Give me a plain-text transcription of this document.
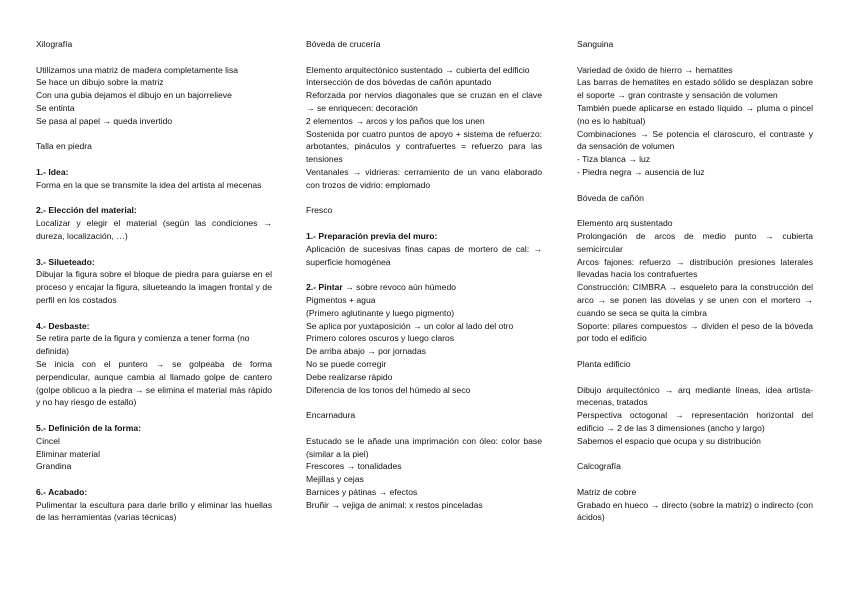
Xilografía

Utilizamos una matriz de madera completamente lisa

Se hace un dibujo sobre la matriz

Con una gubia dejamos el dibujo en un bajorrelieve

Se entinta

Se pasa al papel → queda invertido

Talla en piedra

1.- Idea:

Forma en la que se transmite la idea del artista al mecenas

2.- Elección del material:

Localizar y elegir el material (según las condiciones → dureza, localización, …)

3.- Siluetеado:

Dibujar la figura sobre el bloque de piedra para guiarse en el proceso y encajar la figura, siluetеando la imagen frontal y de perfil en los costados

4.- Desbaste:

Se retira parte de la figura y comienza a tener forma (no definida)

Se inicia con el puntero → se golpeaba de forma perpendicular, aunque cambia al llamado golpe de cantero (golpe oblicuo a la piedra → se elimina el material más rápido y no hay riesgo de estallo)

5.- Definición de la forma:

Cincel

Eliminar material

Grandina

6.- Acabado:

Pulimentar la escultura para darle brillo y eliminar las huellas de las herramientas (varias técnicas)

Bóveda de crucería

Elemento arquitectónico sustentado → cubierta del edificio

Intersección de dos bóvedas de cañón apuntado

Reforzada por nervios diagonales que se cruzan en el clave → se enriquecen: decoración

2 elementos → arcos y los paños que los unen

Sostenida por cuatro puntos de apoyo + sistema de refuerzo: arbotantes, pináculos y contrafuertes = refuerzo para las tensiones

Ventanales → vidrieras: cerramiento de un vano elaborado con trozos de vidrio: emplomado

Fresco

1.- Preparación previa del muro:

Aplicación de sucesivas finas capas de mortero de cal: → superficie homogénea

2.- Pintar → sobre revoco aún húmedo

Pigmentos + agua

(Primero aglutinante y luego pigmento)

Se aplica por yuxtaposición → un color al lado del otro

Primero colores oscuros y luego claros

De arriba abajo → por jornadas

No se puede corregir

Debe realizarse rápido

Diferencia de los tonos del húmedo al seco

Encarnadura

Estucado se le añade una imprimación con óleo: color base (similar a la piel)

Frescores → tonalidades

Mejillas y cejas

Barnices y pátinas → efectos

Bruñir → vejiga de animal: x restos pinceladas

Sanguina

Variedad de óxido de hierro → hematites

Las barras de hematites en estado sólido se desplazan sobre el soporte → gran contraste y sensación de volumen

También puede aplicarse en estado líquido → pluma o pincel (no es lo habitual)

Combinaciones → Se potencia el claroscuro, el contraste y da sensación de volumen

- Tiza blanca → luz

- Piedra negra → ausencia de luz

Bóveda de cañón

Elemento arq sustentado

Prolongación de arcos de medio punto → cubierta semicircular

Arcos fajones: refuerzo → distribución presiones laterales llevadas hacia los contrafuertes

Construcción: CIMBRA → esqueleto para la construcción del arco → se ponen las dovelas y se unen con el mortero → cuando se seca se quita la cimbra

Soporte: pilares compuestos → dividen el peso de la bóveda por todo el edificio

Planta edificio

Dibujo arquitectónico → arq mediante líneas, idea artista-mecenas, tratados

Perspectiva octogonal → representación horizontal del edificio → 2 de las 3 dimensiones (ancho y largo)

Sabemos el espacio que ocupa y su distribución

Calcografía

Matriz de cobre

Grabado en hueco → directo (sobre la matriz) o indirecto (con ácidos)
